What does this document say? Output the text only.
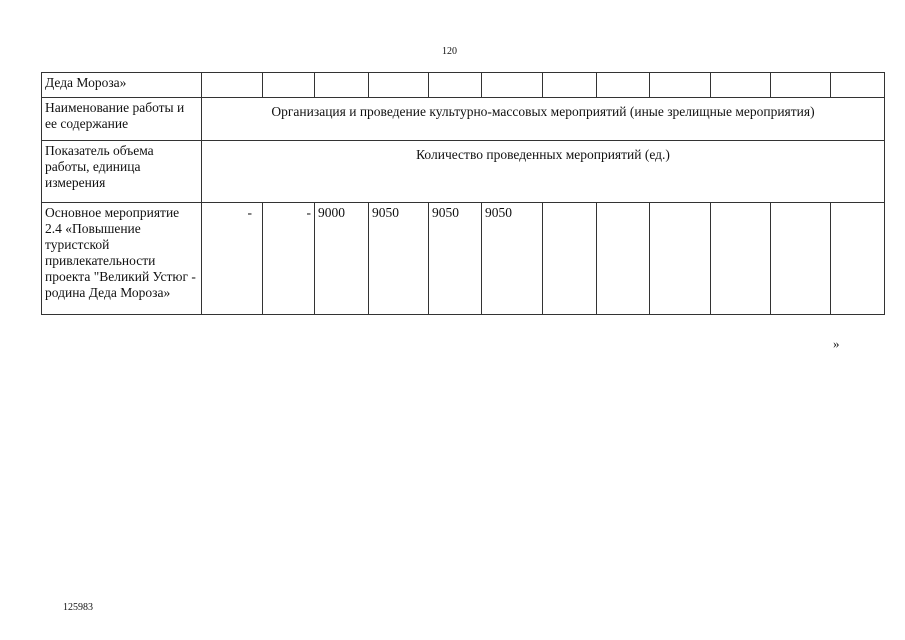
120
Деда Мороза»												
Наименование работы и ее содержание	Организация и проведение культурно-массовых мероприятий (иные зрелищные мероприятия)											
Показатель объема работы, единица измерения	Количество проведенных мероприятий (ед.)											
Основное мероприятие 2.4 «Повышение туристской привлекательности проекта "Великий Устюг - родина Деда Мороза»	-	-	9000	9050	9050	9050						
»
125983
